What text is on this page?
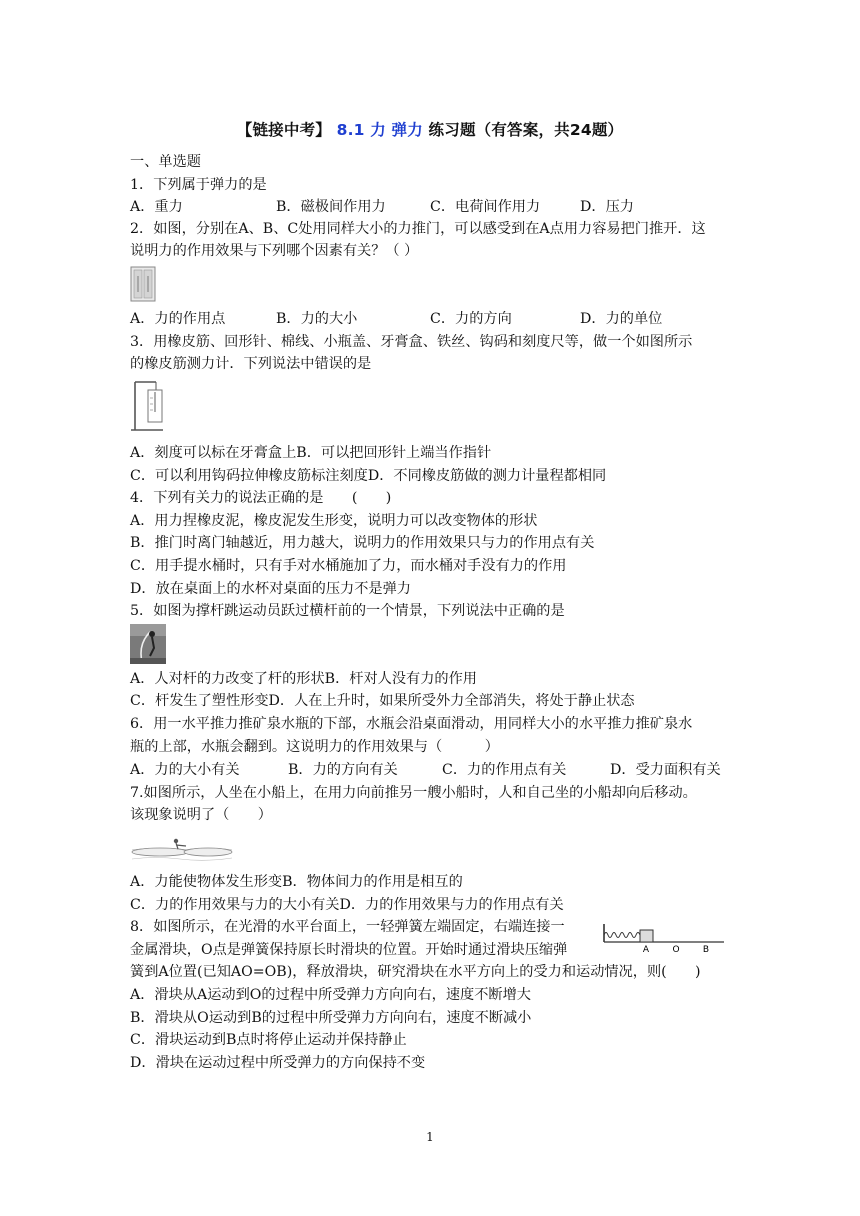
【链接中考】 8.1 力 弹力 练习题（有答案，共24题）
一、单选题
1．下列属于弹力的是
A．重力	B．磁极间作用力	C．电荷间作用力	D．压力
2．如图，分别在A、B、C处用同样大小的力推门，可以感受到在A点用力容易把门推开．这
说明力的作用效果与下列哪个因素有关？（ ）
A．力的作用点	B．力的大小	C．力的方向	D．力的单位
3．用橡皮筋、回形针、棉线、小瓶盖、牙膏盒、铁丝、钩码和刻度尺等，做一个如图所示
的橡皮筋测力计．下列说法中错误的是
A．刻度可以标在牙膏盒上B．可以把回形针上端当作指针
C．可以利用钩码拉伸橡皮筋标注刻度D．不同橡皮筋做的测力计量程都相同
4．下列有关力的说法正确的是　　(　　)
A．用力捏橡皮泥，橡皮泥发生形变，说明力可以改变物体的形状
B．推门时离门轴越近，用力越大，说明力的作用效果只与力的作用点有关
C．用手提水桶时，只有手对水桶施加了力，而水桶对手没有力的作用
D．放在桌面上的水杯对桌面的压力不是弹力
5．如图为撑杆跳运动员跃过横杆前的一个情景，下列说法中正确的是
A．人对杆的力改变了杆的形状B．杆对人没有力的作用
C．杆发生了塑性形变D．人在上升时，如果所受外力全部消失，将处于静止状态
6．用一水平推力推矿泉水瓶的下部，水瓶会沿桌面滑动，用同样大小的水平推力推矿泉水
瓶的上部，水瓶会翻到。这说明力的作用效果与（　　　）
A．力的大小有关	B．力的方向有关	C．力的作用点有关	D．受力面积有关
7.如图所示，人坐在小船上，在用力向前推另一艘小船时，人和自己坐的小船却向后移动。
该现象说明了（　　）
A．力能使物体发生形变B．物体间力的作用是相互的
C．力的作用效果与力的大小有关D．力的作用效果与力的作用点有关
8．如图所示，在光滑的水平台面上，一轻弹簧左端固定，右端连接一
金属滑块，O点是弹簧保持原长时滑块的位置。开始时通过滑块压缩弹	A	O	B
簧到A位置(已知AO=OB)，释放滑块，研究滑块在水平方向上的受力和运动情况，则(　　)
A．滑块从A运动到O的过程中所受弹力方向向右，速度不断增大
B．滑块从O运动到B的过程中所受弹力方向向右，速度不断减小
C．滑块运动到B点时将停止运动并保持静止
D．滑块在运动过程中所受弹力的方向保持不变
1
